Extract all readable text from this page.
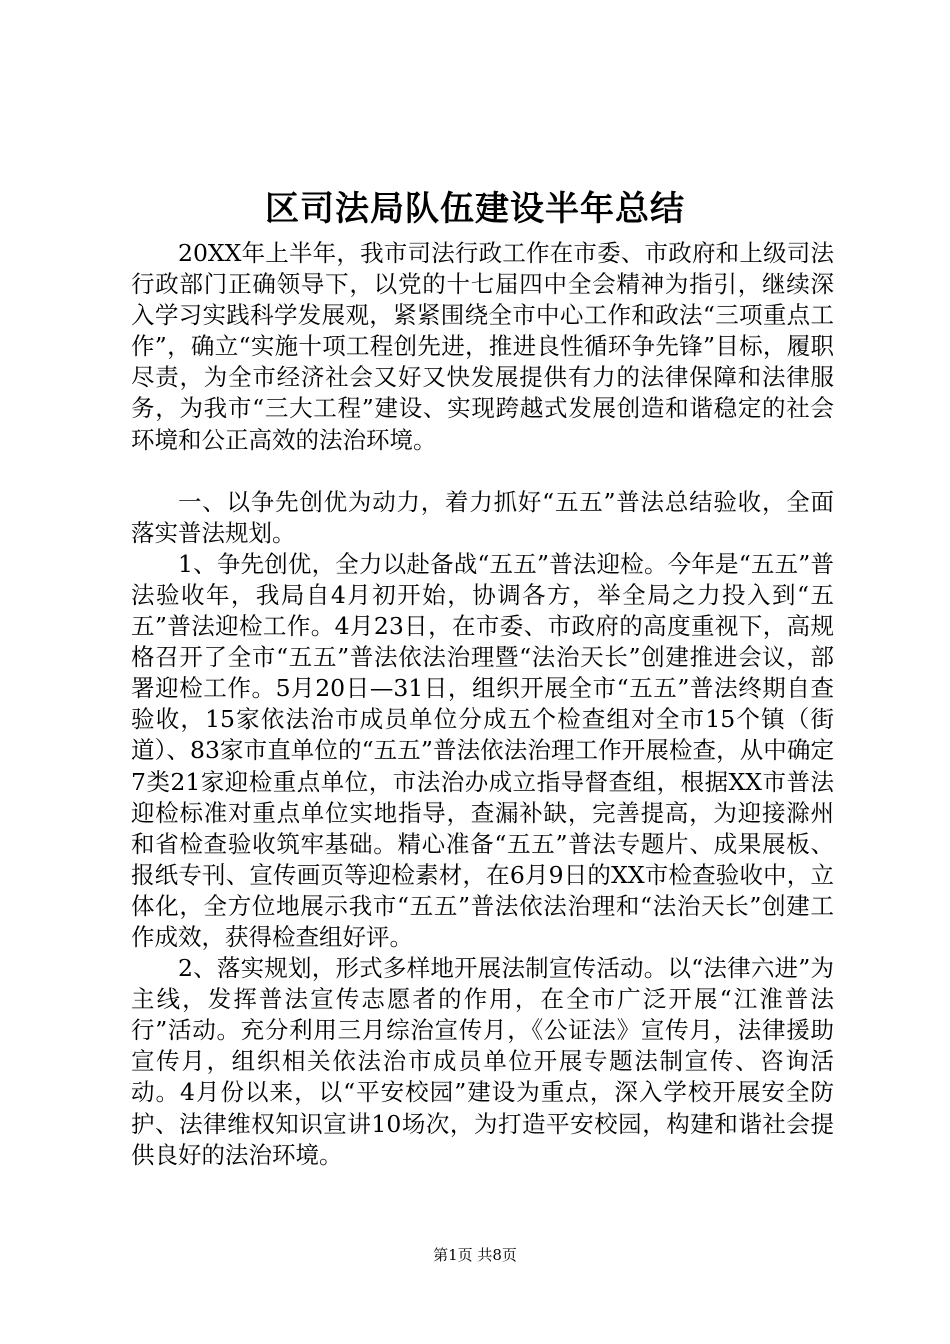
区司法局队伍建设半年总结

20XX年上半年，我市司法行政工作在市委、市政府和上级司法行政部门正确领导下，以党的十七届四中全会精神为指引，继续深入学习实践科学发展观，紧紧围绕全市中心工作和政法“三项重点工作”，确立“实施十项工程创先进，推进良性循环争先锋”目标，履职尽责，为全市经济社会又好又快发展提供有力的法律保障和法律服务，为我市“三大工程”建设、实现跨越式发展创造和谐稳定的社会环境和公正高效的法治环境。

一、以争先创优为动力，着力抓好“五五”普法总结验收，全面落实普法规划。

1、争先创优，全力以赴备战“五五”普法迎检。今年是“五五”普法验收年，我局自4月初开始，协调各方，举全局之力投入到“五五”普法迎检工作。4月23日，在市委、市政府的高度重视下，高规格召开了全市“五五”普法依法治理暨“法治天长”创建推进会议，部署迎检工作。5月20日—31日，组织开展全市“五五”普法终期自查验收，15家依法治市成员单位分成五个检查组对全市15个镇（街道）、83家市直单位的“五五”普法依法治理工作开展检查，从中确定7类21家迎检重点单位，市法治办成立指导督查组，根据XX市普法迎检标准对重点单位实地指导，查漏补缺，完善提高，为迎接滁州和省检查验收筑牢基础。精心准备“五五”普法专题片、成果展板、报纸专刊、宣传画页等迎检素材，在6月9日的XX市检查验收中，立体化，全方位地展示我市“五五”普法依法治理和“法治天长”创建工作成效，获得检查组好评。

2、落实规划，形式多样地开展法制宣传活动。以“法律六进”为主线，发挥普法宣传志愿者的作用，在全市广泛开展“江淮普法行”活动。充分利用三月综治宣传月，《公证法》宣传月，法律援助宣传月，组织相关依法治市成员单位开展专题法制宣传、咨询活动。4月份以来，以“平安校园”建设为重点，深入学校开展安全防护、法律维权知识宣讲10场次，为打造平安校园，构建和谐社会提供良好的法治环境。

第1页 共8页
